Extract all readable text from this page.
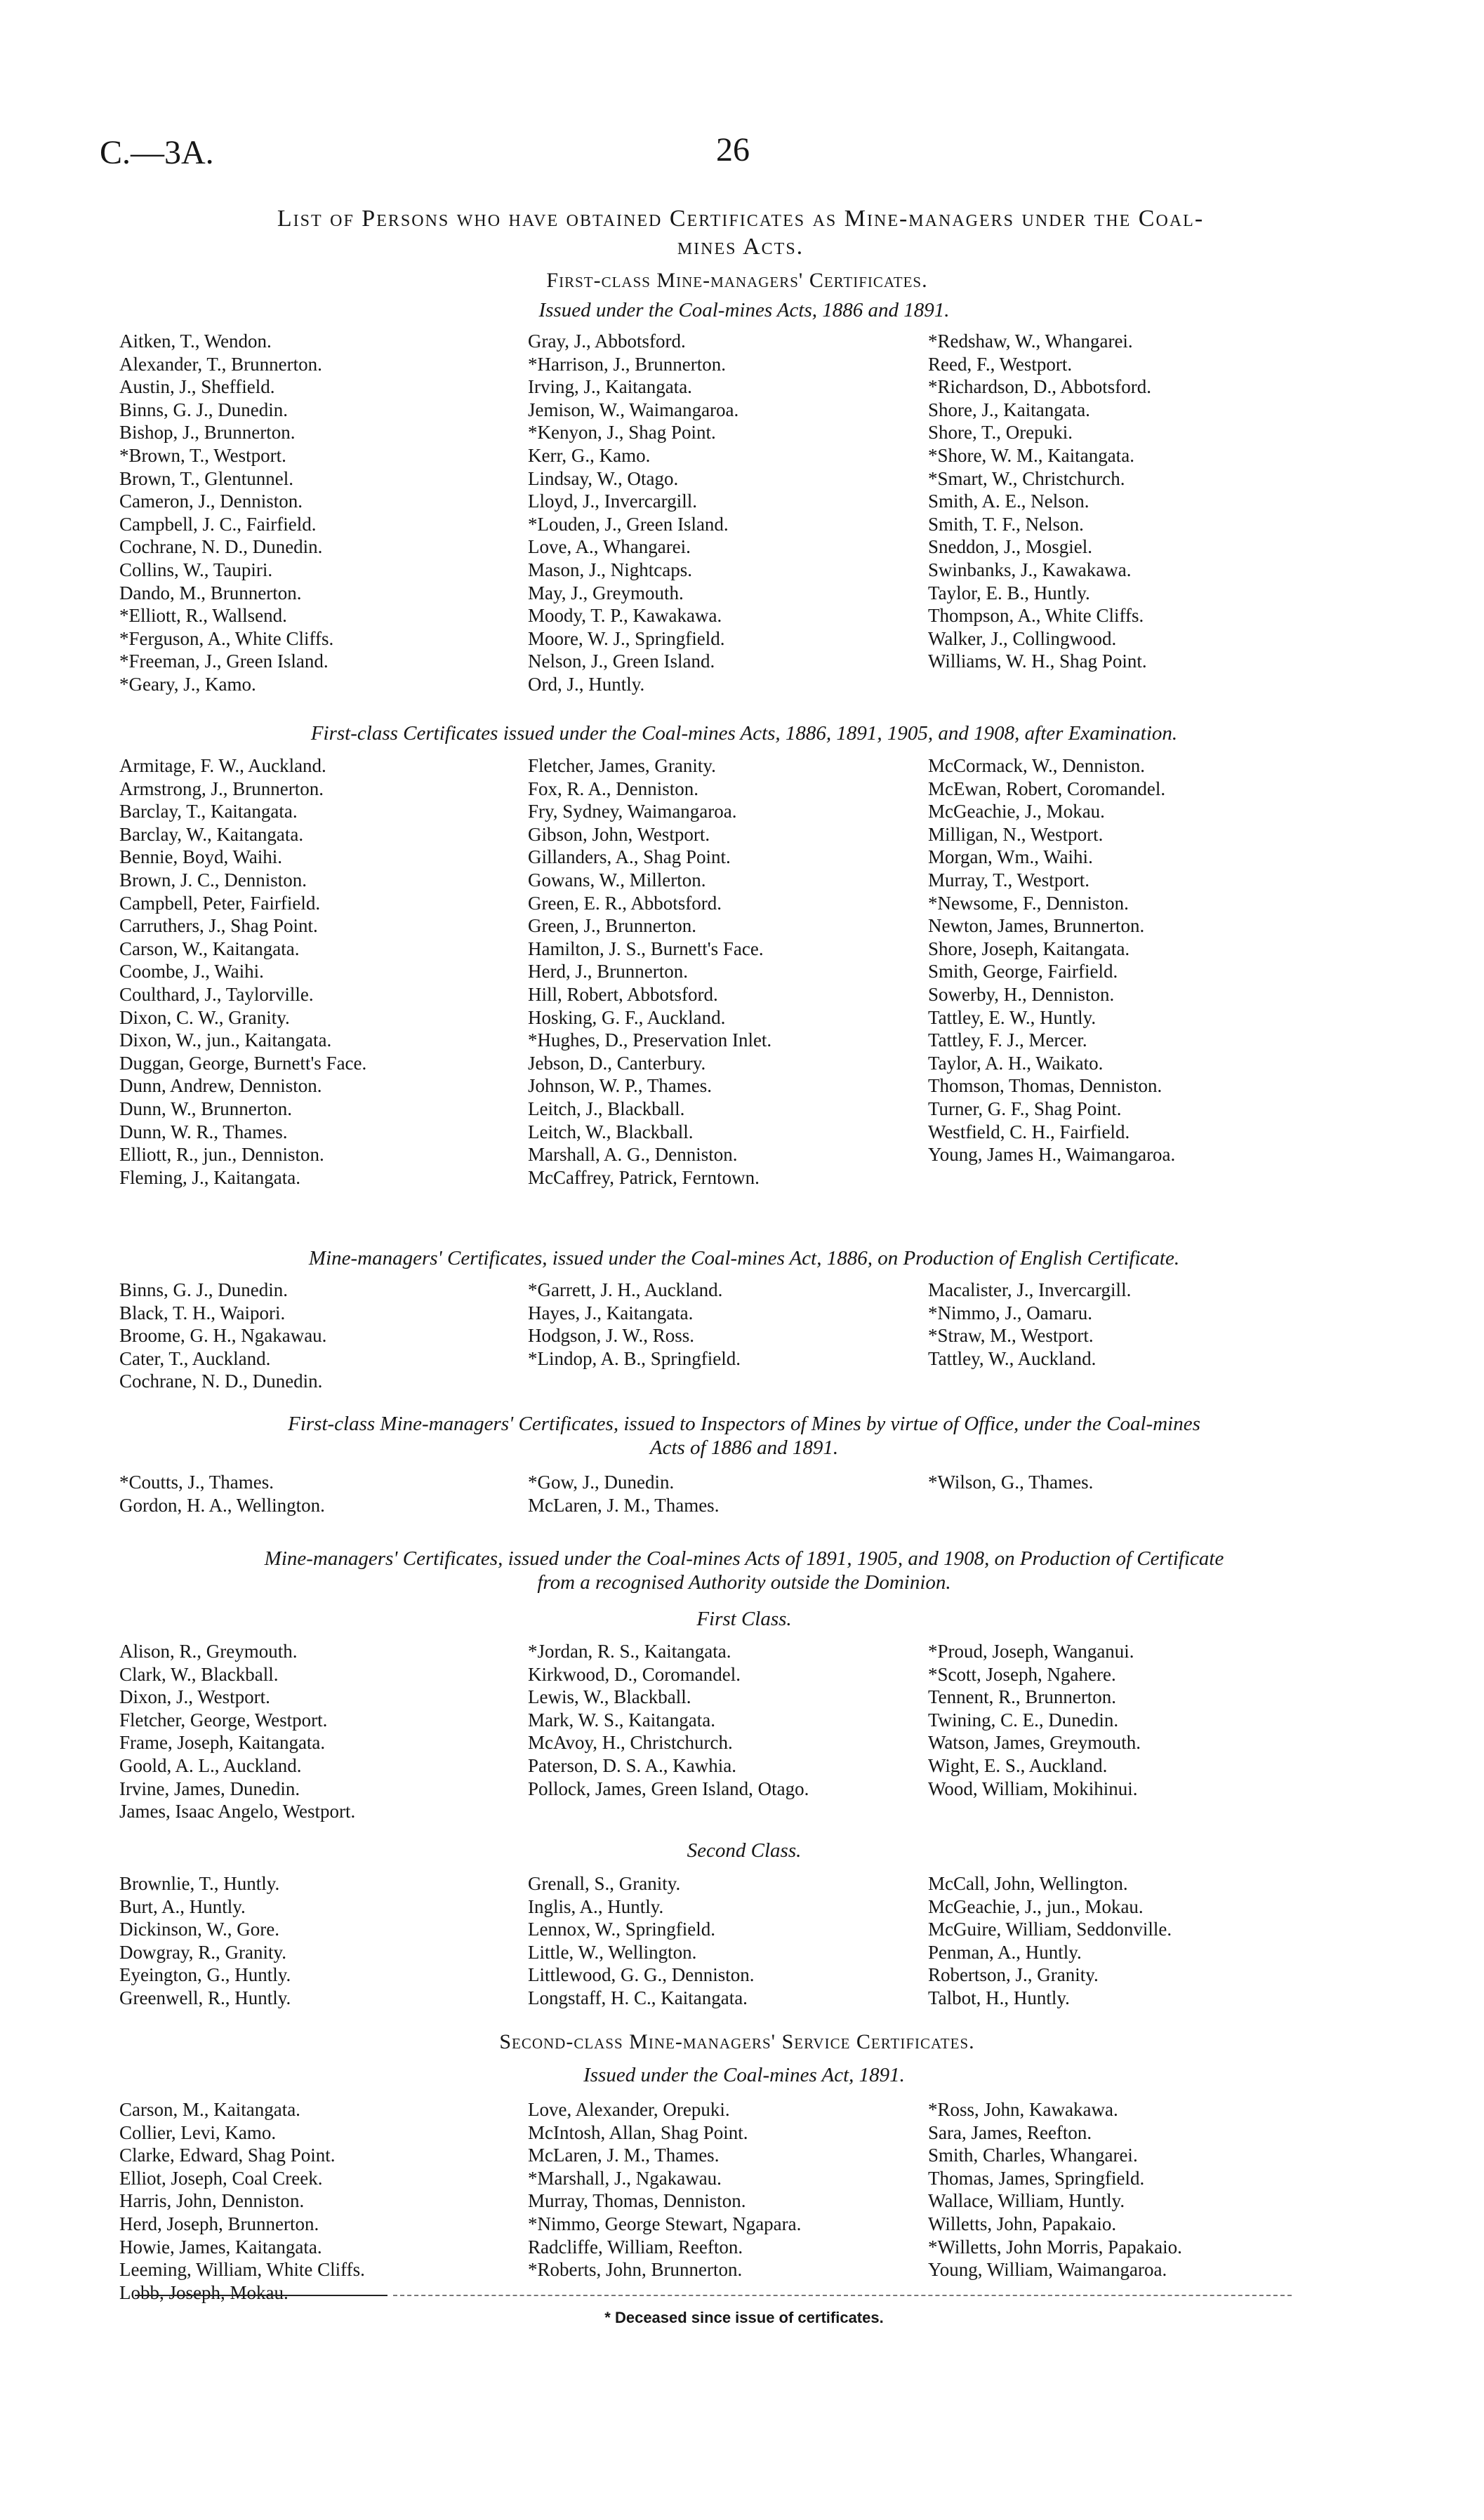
C.—3A.	26
List of Persons who have obtained Certificates as Mine-managers under the Coal-
mines Acts.
First-class Mine-managers' Certificates.
Issued under the Coal-mines Acts, 1886 and 1891.
Aitken, T., Wendon.
Alexander, T., Brunnerton.
Austin, J., Sheffield.
Binns, G. J., Dunedin.
Bishop, J., Brunnerton.
*Brown, T., Westport.
Brown, T., Glentunnel.
Cameron, J., Denniston.
Campbell, J. C., Fairfield.
Cochrane, N. D., Dunedin.
Collins, W., Taupiri.
Dando, M., Brunnerton.
*Elliott, R., Wallsend.
*Ferguson, A., White Cliffs.
*Freeman, J., Green Island.
*Geary, J., Kamo.
Gray, J., Abbotsford.
*Harrison, J., Brunnerton.
Irving, J., Kaitangata.
Jemison, W., Waimangaroa.
*Kenyon, J., Shag Point.
Kerr, G., Kamo.
Lindsay, W., Otago.
Lloyd, J., Invercargill.
*Louden, J., Green Island.
Love, A., Whangarei.
Mason, J., Nightcaps.
May, J., Greymouth.
Moody, T. P., Kawakawa.
Moore, W. J., Springfield.
Nelson, J., Green Island.
Ord, J., Huntly.
*Redshaw, W., Whangarei.
Reed, F., Westport.
*Richardson, D., Abbotsford.
Shore, J., Kaitangata.
Shore, T., Orepuki.
*Shore, W. M., Kaitangata.
*Smart, W., Christchurch.
Smith, A. E., Nelson.
Smith, T. F., Nelson.
Sneddon, J., Mosgiel.
Swinbanks, J., Kawakawa.
Taylor, E. B., Huntly.
Thompson, A., White Cliffs.
Walker, J., Collingwood.
Williams, W. H., Shag Point.
First-class Certificates issued under the Coal-mines Acts, 1886, 1891, 1905, and 1908, after Examination.
Armitage, F. W., Auckland.
Armstrong, J., Brunnerton.
Barclay, T., Kaitangata.
Barclay, W., Kaitangata.
Bennie, Boyd, Waihi.
Brown, J. C., Denniston.
Campbell, Peter, Fairfield.
Carruthers, J., Shag Point.
Carson, W., Kaitangata.
Coombe, J., Waihi.
Coulthard, J., Taylorville.
Dixon, C. W., Granity.
Dixon, W., jun., Kaitangata.
Duggan, George, Burnett's Face.
Dunn, Andrew, Denniston.
Dunn, W., Brunnerton.
Dunn, W. R., Thames.
Elliott, R., jun., Denniston.
Fleming, J., Kaitangata.
Fletcher, James, Granity.
Fox, R. A., Denniston.
Fry, Sydney, Waimangaroa.
Gibson, John, Westport.
Gillanders, A., Shag Point.
Gowans, W., Millerton.
Green, E. R., Abbotsford.
Green, J., Brunnerton.
Hamilton, J. S., Burnett's Face.
Herd, J., Brunnerton.
Hill, Robert, Abbotsford.
Hosking, G. F., Auckland.
*Hughes, D., Preservation Inlet.
Jebson, D., Canterbury.
Johnson, W. P., Thames.
Leitch, J., Blackball.
Leitch, W., Blackball.
Marshall, A. G., Denniston.
McCaffrey, Patrick, Ferntown.
McCormack, W., Denniston.
McEwan, Robert, Coromandel.
McGeachie, J., Mokau.
Milligan, N., Westport.
Morgan, Wm., Waihi.
Murray, T., Westport.
*Newsome, F., Denniston.
Newton, James, Brunnerton.
Shore, Joseph, Kaitangata.
Smith, George, Fairfield.
Sowerby, H., Denniston.
Tattley, E. W., Huntly.
Tattley, F. J., Mercer.
Taylor, A. H., Waikato.
Thomson, Thomas, Denniston.
Turner, G. F., Shag Point.
Westfield, C. H., Fairfield.
Young, James H., Waimangaroa.
Mine-managers' Certificates, issued under the Coal-mines Act, 1886, on Production of English Certificate.
Binns, G. J., Dunedin.
Black, T. H., Waipori.
Broome, G. H., Ngakawau.
Cater, T., Auckland.
Cochrane, N. D., Dunedin.
*Garrett, J. H., Auckland.
Hayes, J., Kaitangata.
Hodgson, J. W., Ross.
*Lindop, A. B., Springfield.
Macalister, J., Invercargill.
*Nimmo, J., Oamaru.
*Straw, M., Westport.
Tattley, W., Auckland.
First-class Mine-managers' Certificates, issued to Inspectors of Mines by virtue of Office, under the Coal-mines
Acts of 1886 and 1891.
*Coutts, J., Thames.
Gordon, H. A., Wellington.
*Gow, J., Dunedin.
McLaren, J. M., Thames.
*Wilson, G., Thames.
Mine-managers' Certificates, issued under the Coal-mines Acts of 1891, 1905, and 1908, on Production of Certificate
from a recognised Authority outside the Dominion.
First Class.
Alison, R., Greymouth.
Clark, W., Blackball.
Dixon, J., Westport.
Fletcher, George, Westport.
Frame, Joseph, Kaitangata.
Goold, A. L., Auckland.
Irvine, James, Dunedin.
James, Isaac Angelo, Westport.
*Jordan, R. S., Kaitangata.
Kirkwood, D., Coromandel.
Lewis, W., Blackball.
Mark, W. S., Kaitangata.
McAvoy, H., Christchurch.
Paterson, D. S. A., Kawhia.
Pollock, James, Green Island, Otago.
*Proud, Joseph, Wanganui.
*Scott, Joseph, Ngahere.
Tennent, R., Brunnerton.
Twining, C. E., Dunedin.
Watson, James, Greymouth.
Wight, E. S., Auckland.
Wood, William, Mokihinui.
Second Class.
Brownlie, T., Huntly.
Burt, A., Huntly.
Dickinson, W., Gore.
Dowgray, R., Granity.
Eyeington, G., Huntly.
Greenwell, R., Huntly.
Grenall, S., Granity.
Inglis, A., Huntly.
Lennox, W., Springfield.
Little, W., Wellington.
Littlewood, G. G., Denniston.
Longstaff, H. C., Kaitangata.
McCall, John, Wellington.
McGeachie, J., jun., Mokau.
McGuire, William, Seddonville.
Penman, A., Huntly.
Robertson, J., Granity.
Talbot, H., Huntly.
Second-class Mine-managers' Service Certificates.
Issued under the Coal-mines Act, 1891.
Carson, M., Kaitangata.
Collier, Levi, Kamo.
Clarke, Edward, Shag Point.
Elliot, Joseph, Coal Creek.
Harris, John, Denniston.
Herd, Joseph, Brunnerton.
Howie, James, Kaitangata.
Leeming, William, White Cliffs.
Lobb, Joseph, Mokau.
Love, Alexander, Orepuki.
McIntosh, Allan, Shag Point.
McLaren, J. M., Thames.
*Marshall, J., Ngakawau.
Murray, Thomas, Denniston.
*Nimmo, George Stewart, Ngapara.
Radcliffe, William, Reefton.
*Roberts, John, Brunnerton.
*Ross, John, Kawakawa.
Sara, James, Reefton.
Smith, Charles, Whangarei.
Thomas, James, Springfield.
Wallace, William, Huntly.
Willetts, John, Papakaio.
*Willetts, John Morris, Papakaio.
Young, William, Waimangaroa.
* Deceased since issue of certificates.
